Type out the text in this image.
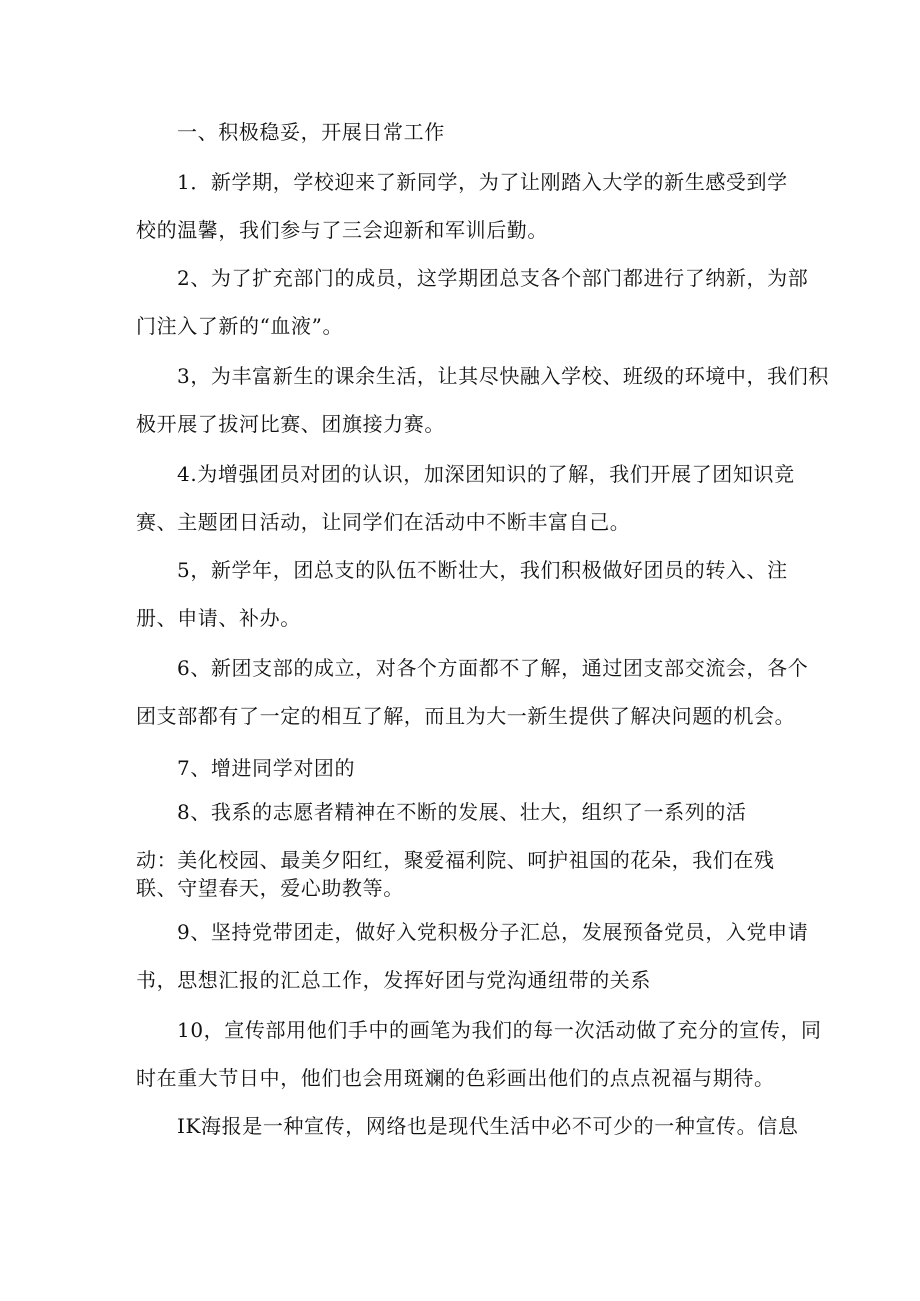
一、积极稳妥，开展日常工作
1．新学期，学校迎来了新同学，为了让刚踏入大学的新生感受到学
校的温馨，我们参与了三会迎新和军训后勤。
2、为了扩充部门的成员，这学期团总支各个部门都进行了纳新，为部
门注入了新的“血液”。
3，为丰富新生的课余生活，让其尽快融入学校、班级的环境中，我们积
极开展了拔河比赛、团旗接力赛。
4.为增强团员对团的认识，加深团知识的了解，我们开展了团知识竞
赛、主题团日活动，让同学们在活动中不断丰富自己。
5，新学年，团总支的队伍不断壮大，我们积极做好团员的转入、注
册、申请、补办。
6、新团支部的成立，对各个方面都不了解，通过团支部交流会，各个
团支部都有了一定的相互了解，而且为大一新生提供了解决问题的机会。
7、增进同学对团的
8、我系的志愿者精神在不断的发展、壮大，组织了一系列的活
动：美化校园、最美夕阳红，聚爱福利院、呵护祖国的花朵，我们在残
联、守望春天，爱心助教等。
9、坚持党带团走，做好入党积极分子汇总，发展预备党员，入党申请
书，思想汇报的汇总工作，发挥好团与党沟通纽带的关系
10，宣传部用他们手中的画笔为我们的每一次活动做了充分的宣传，同
时在重大节日中，他们也会用斑斓的色彩画出他们的点点祝福与期待。
IK海报是一种宣传，网络也是现代生活中必不可少的一种宣传。信息
